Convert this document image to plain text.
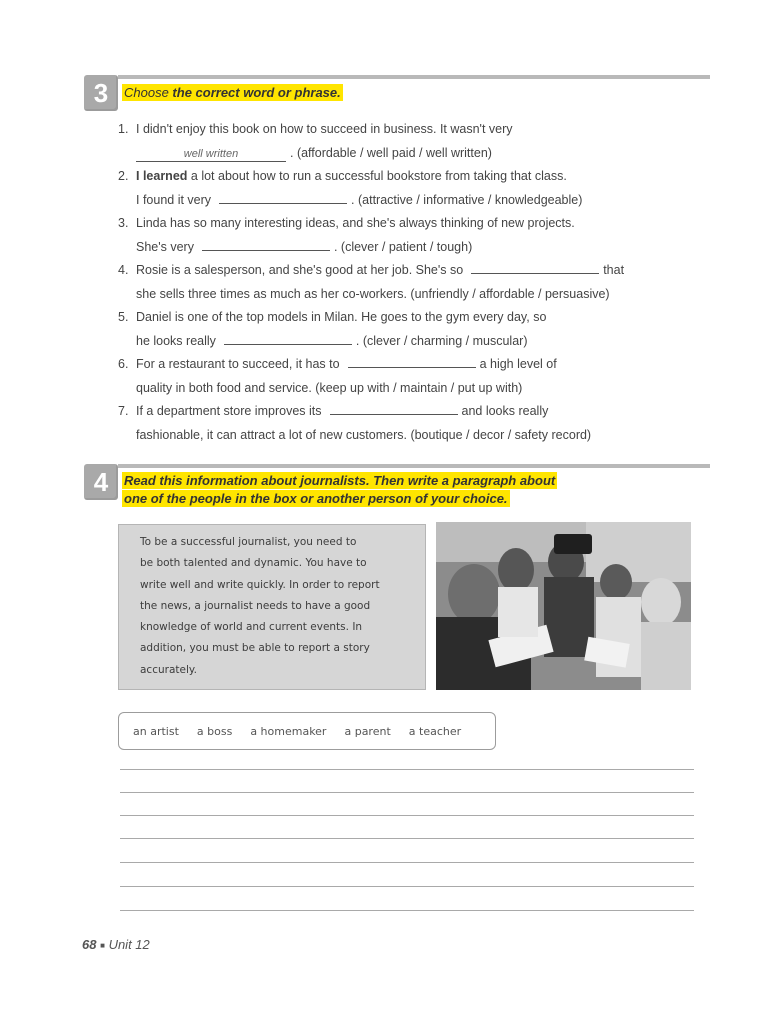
3	Choose the correct word or phrase.
1. I didn't enjoy this book on how to succeed in business. It wasn't very
well written	. (affordable / well paid / well written)
2. I learned a lot about how to run a successful bookstore from taking that class.
I found it very	. (attractive / informative / knowledgeable)
3. Linda has so many interesting ideas, and she's always thinking of new projects.
She's very	. (clever / patient / tough)
4. Rosie is a salesperson, and she's good at her job. She's so	that
she sells three times as much as her co-workers. (unfriendly / affordable / persuasive)
5. Daniel is one of the top models in Milan. He goes to the gym every day, so
he looks really	. (clever / charming / muscular)
6. For a restaurant to succeed, it has to	a high level of
quality in both food and service. (keep up with / maintain / put up with)
7. If a department store improves its	and looks really
fashionable, it can attract a lot of new customers. (boutique / decor / safety record)
4	Read this information about journalists. Then write a paragraph about
one of the people in the box or another person of your choice.
To be a successful journalist, you need to
be both talented and dynamic. You have to
write well and write quickly. In order to report
the news, a journalist needs to have a good
knowledge of world and current events. In
addition, you must be able to report a story
accurately.
an artist a boss a homemaker a parent a teacher
68 ■ Unit 12
